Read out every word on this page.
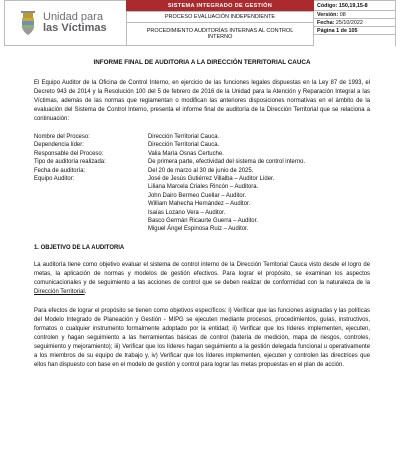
Unidad para
las Víctimas
SISTEMA INTEGRADO DE GESTIÓN
PROCESO EVALUACIÓN INDEPENDIENTE
PROCEDIMIENTO AUDITORÍAS INTERNAS AL CONTROL INTERNO
Código: 150,19,15-8
Versión:
08
Fecha:
25/10/2022
Página 1 de 105
INFORME FINAL DE AUDITORIA A LA DIRECCIÓN TERRITORIAL CAUCA

El Equipo Auditor de la Oficina de Control Interno, en ejercicio de las funciones legales dispuestas en la Ley 87 de 1993, el Decreto 943 de 2014 y la Resolución 100 del 5 de febrero de 2016 de la Unidad para la Atención y Reparación Integral a las Víctimas, además de las normas que reglamentan o modifican las anteriores disposiciones normativas en el ámbito de la evaluación del Sistema de Control Interno, presenta el informe final de auditoría de la Dirección Territorial que se relaciona a continuación:

Nombre del Proceso:	Dirección Territorial Cauca.
Dependencia líder:	Dirección Territorial Cauca.
Responsable del Proceso:	Valia María Osnas Certuche.
Tipo de auditoría realizada:	De primera parte, efectividad del sistema de control interno.
Fecha de auditoría:	Del 20 de marzo al 30 de junio de 2025.
Equipo Auditor:	José de Jesús Gutiérrez Villalba – Auditor Líder.
Liliana Marcela Criales Rincón – Auditora.
John Dairo Bermeo Cuellar – Auditor.
William Mahecha Hernández – Auditor.
Isaías Lozano Vera – Auditor.
Basco Germán Ricaurte Guerra – Auditor.
Miguel Ángel Espinosa Ruiz – Auditor.
1. OBJETIVO DE LA AUDITORIA

La auditoría tiene como objetivo evaluar el sistema de control interno de la Dirección Territorial Cauca visto desde el logro de metas, la aplicación de normas y modelos de gestión efectivos. Para lograr el propósito, se examinan los aspectos comunicacionales y de seguimiento a las acciones de control que se deben realizar de conformidad con la naturaleza de la Dirección Territorial.

Para efectos de lograr el propósito se tienen como objetivos específicos: i) Verificar que las funciones asignadas y las políticas del Modelo Integrado de Planeación y Gestión - MIPG se ejecuten mediante procesos, procedimientos, guías, instructivos, formatos o cualquier instrumento formalmente adoptado por la entidad; ii) Verificar que los líderes implementen, ejecuten, controlen y hagan seguimiento a las herramientas básicas de control (batería de medición, mapa de riesgos, controles, seguimiento y mejoramiento); iii) Verificar que los líderes hagan seguimiento a la gestión delegada funcional u operativamente a los miembros de su equipo de trabajo y, iv) Verificar que los líderes implementen, ejecuten y controlen las directrices que ellos han dispuesto con base en el modelo de gestión y control para lograr las metas propuestas en el plan de acción.
